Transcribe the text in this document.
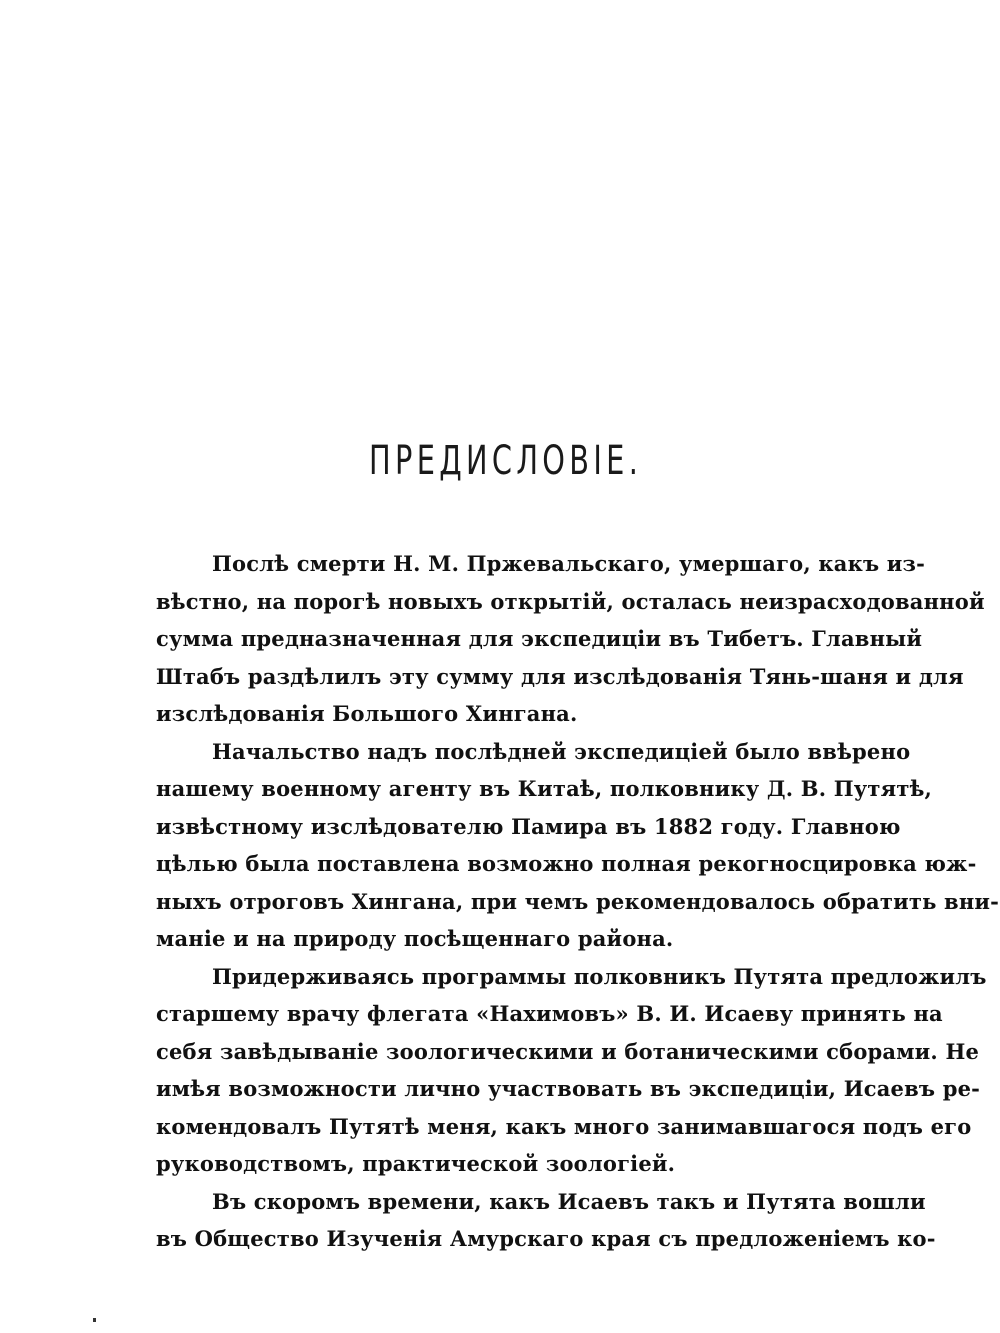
ПРЕДИСЛОВІЕ.
Послѣ смерти Н. М. Пржевальскаго, умершаго, какъ из-
вѣстно, на порогѣ новыхъ открытій, осталась неизрасходованной
сумма предназначенная для экспедиціи въ Тибетъ. Главный
Штабъ раздѣлилъ эту сумму для изслѣдованія Тянь-шаня и для
изслѣдованія Большого Хингана.
Начальство надъ послѣдней экспедиціей было ввѣрено
нашему военному агенту въ Китаѣ, полковнику Д. В. Путятѣ,
извѣстному изслѣдователю Памира въ 1882 году. Главною
цѣлью была поставлена возможно полная рекогносцировка юж-
ныхъ отроговъ Хингана, при чемъ рекомендовалось обратить вни-
маніе и на природу посѣщеннаго района.
Придерживаясь программы полковникъ Путята предложилъ
старшему врачу флегата «Нахимовъ» В. И. Исаеву принять на
себя завѣдываніе зоологическими и ботаническими сборами. Не
имѣя возможности лично участвовать въ экспедиціи, Исаевъ ре-
комендовалъ Путятѣ меня, какъ много занимавшагося подъ его
руководствомъ, практической зоологіей.
Въ скоромъ времени, какъ Исаевъ такъ и Путята вошли
въ Общество Изученія Амурскаго края съ предложеніемъ ко-
